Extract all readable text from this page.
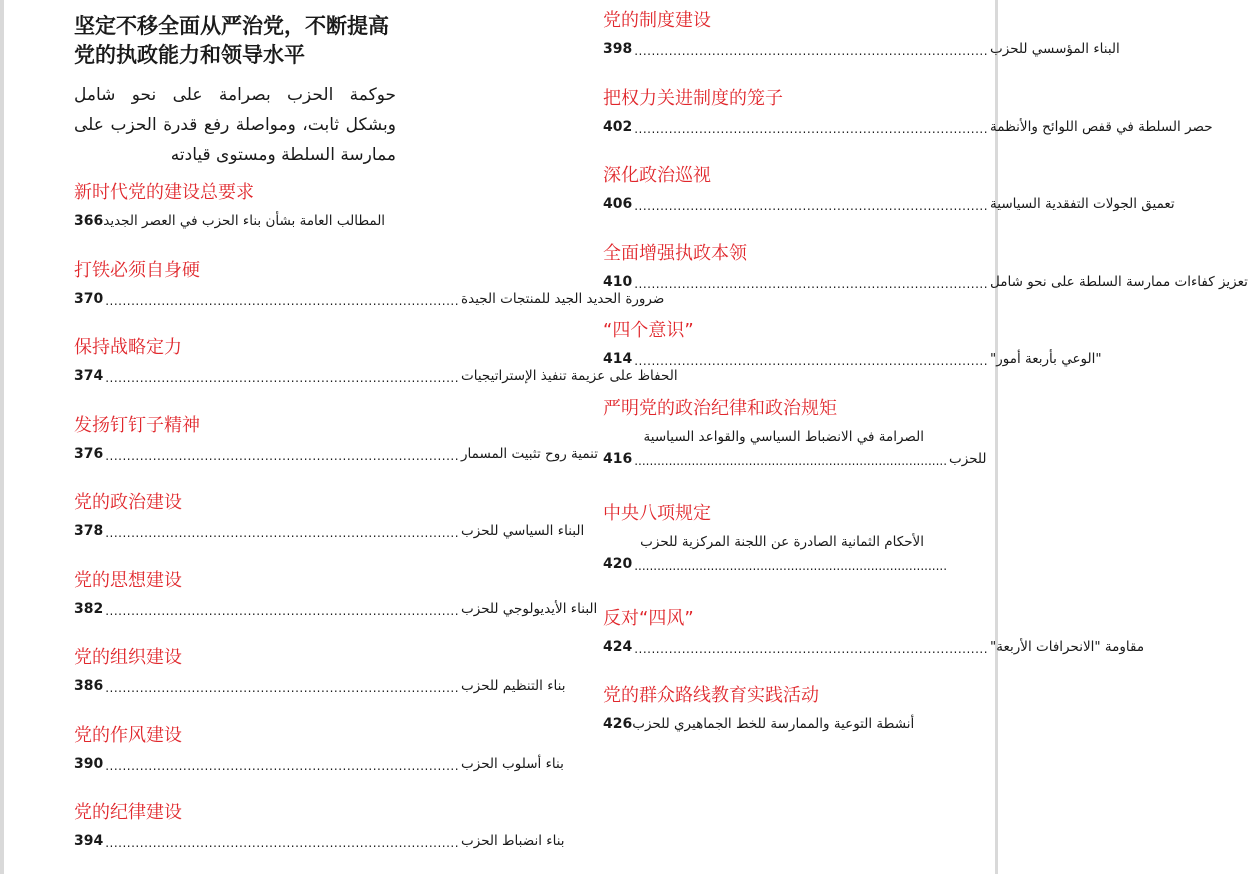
坚定不移全面从严治党，不断提高党的执政能力和领导水平
حوكمة الحزب بصرامة على نحو شامل وبشكل ثابت، ومواصلة رفع قدرة الحزب على ممارسة السلطة ومستوى قيادته
新时代党的建设总要求
366 المطالب العامة بشأن بناء الحزب في العصر الجديد
打铁必须自身硬
370 .................................................................................. ضرورة الحديد الجيد للمنتجات الجيدة
保持战略定力
374 .................................................................................. الحفاظ على عزيمة تنفيذ الإستراتيجيات
发扬钉钉子精神
376 .................................................................................. تنمية روح تثبيت المسمار
党的政治建设
378 .................................................................................. البناء السياسي للحزب
党的思想建设
382 .................................................................................. البناء الأيديولوجي للحزب
党的组织建设
386 .................................................................................. بناء التنظيم للحزب
党的作风建设
390 .................................................................................. بناء أسلوب الحزب
党的纪律建设
394 .................................................................................. بناء انضباط الحزب
党的制度建设
398 .................................................................................. البناء المؤسسي للحزب
把权力关进制度的笼子
402 .................................................................................. حصر السلطة في قفص اللوائح والأنظمة
深化政治巡视
406 .................................................................................. تعميق الجولات التفقدية السياسية
全面增强执政本领
410 .................................................................................. تعزيز كفاءات ممارسة السلطة على نحو شامل
“四个意识”
414 .................................................................................. "الوعي بأربعة أمور"
严明党的政治纪律和政治规矩
الصرامة في الانضباط السياسي والقواعد السياسية
416 .................................................................................. للحزب
中央八项规定
الأحكام الثمانية الصادرة عن اللجنة المركزية للحزب
420 ..................................................................................
反对“四风”
424 .................................................................................. مقاومة "الانحرافات الأربعة"
党的群众路线教育实践活动
426 أنشطة التوعية والممارسة للخط الجماهيري للحزب
